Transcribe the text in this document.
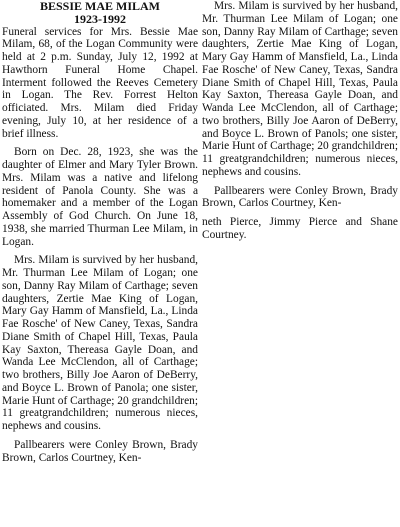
BESSIE MAE MILAM
1923-1992

Funeral services for Mrs. Bessie Mae Milam, 68, of the Logan Community were held at 2 p.m. Sunday, July 12, 1992 at Hawthorn Funeral Home Chapel. Interment followed the Reeves Cemetery in Logan. The Rev. Forrest Helton officiated. Mrs. Milam died Friday evening, July 10, at her residence of a brief illness.

Born on Dec. 28, 1923, she was the daughter of Elmer and Mary Tyler Brown. Mrs. Milam was a native and lifelong resident of Panola County. She was a homemaker and a member of the Logan Assembly of God Church. On June 18, 1938, she married Thurman Lee Milam, in Logan.

Mrs. Milam is survived by her husband, Mr. Thurman Lee Milam of Logan; one son, Danny Ray Milam of Carthage; seven daughters, Zertie Mae King of Logan, Mary Gay Hamm of Mansfield, La., Linda Fae Rosche' of New Caney, Texas, Sandra Diane Smith of Chapel Hill, Texas, Paula Kay Saxton, Thereasa Gayle Doan, and Wanda Lee McClendon, all of Carthage; two brothers, Billy Joe Aaron of DeBerry, and Boyce L. Brown of Panola; one sister, Marie Hunt of Carthage; 20 grandchildren; 11 greatgrandchildren; numerous nieces, nephews and cousins.

Pallbearers were Conley Brown, Brady Brown, Carlos Courtney, Ken-

Mrs. Milam is survived by her husband, Mr. Thurman Lee Milam of Logan; one son, Danny Ray Milam of Carthage; seven daughters, Zertie Mae King of Logan, Mary Gay Hamm of Mansfield, La., Linda Fae Rosche' of New Caney, Texas, Sandra Diane Smith of Chapel Hill, Texas, Paula Kay Saxton, Thereasa Gayle Doan, and Wanda Lee McClendon, all of Carthage; two brothers, Billy Joe Aaron of DeBerry, and Boyce L. Brown of Panols; one sister, Marie Hunt of Carthage; 20 grandchildren; 11 greatgrandchildren; numerous nieces, nephews and cousins.

Pallbearers were Conley Brown, Brady Brown, Carlos Courtney, Ken-

neth Pierce, Jimmy Pierce and Shane Courtney.
